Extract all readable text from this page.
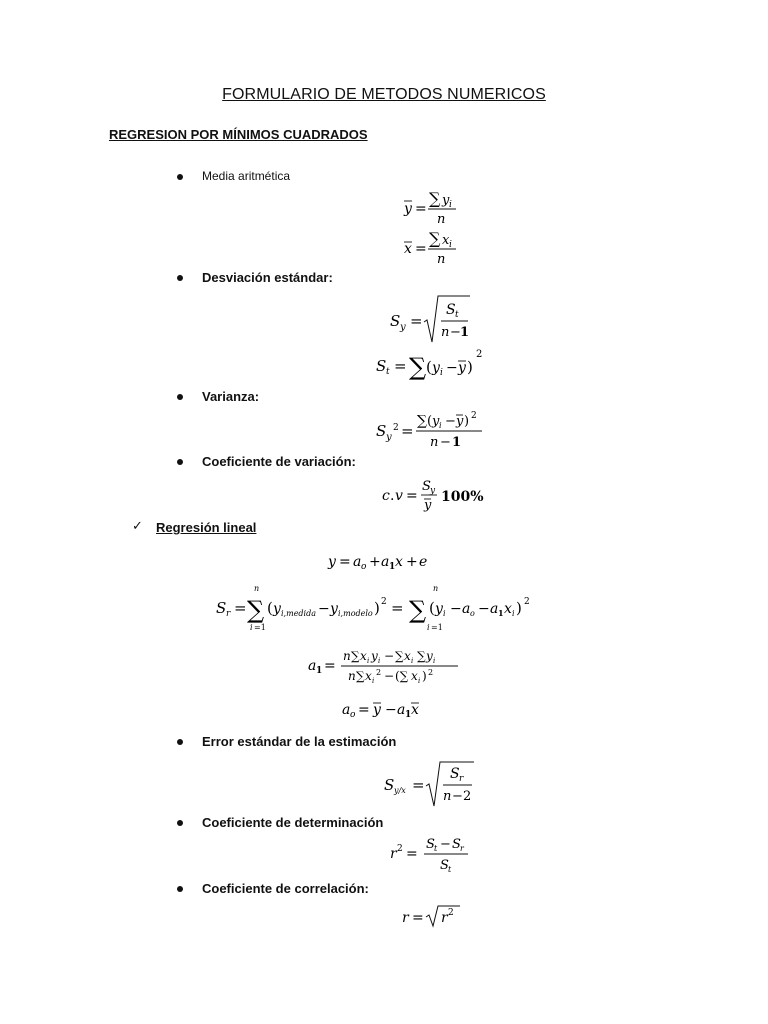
FORMULARIO DE METODOS NUMERICOS
REGRESION POR MÍNIMOS CUADRADOS
Media aritmética
y =
∑ y i
n
x =
∑ x i
n
Desviación estándar:
S y =
S t
n − 1
S t = ∑ ( y i − y )
2
Varianza:
S y
2 =
∑ ( y i − y ) 2
n − 1
Coeficiente de variación:
c . v =
S y
y
100%
✓ Regresión lineal
y = a o + a 1 x + e
S r =
n
∑
i =1
( y i,medida − y i,modelo ) 2 =
n
∑
i =1
( y i − a o − a 1 x i ) 2
a 1 =
n ∑ x i y i − ∑ x i ∑ y i
n ∑ x i
2 − (∑ x i ) 2
a o = y − a 1 x
Error estándar de la estimación
S y/x =
S r
n − 2
Coeficiente de determinación
r 2 =
S t − S r
S t
Coeficiente de correlación:
r = r 2
